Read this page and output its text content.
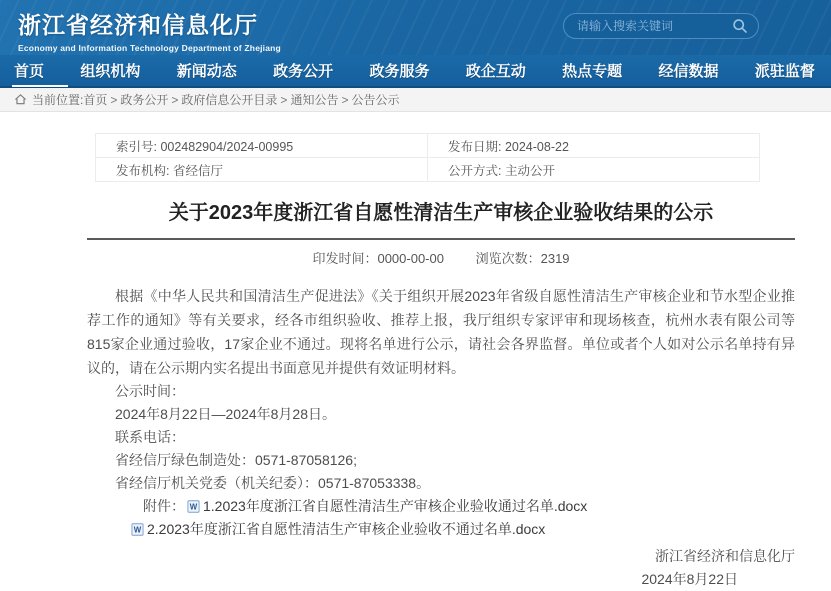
浙江省经济和信息化厅
Economy and Information Technology Department of Zhejiang
请输入搜索关键词
首页 组织机构 新闻动态 政务公开 政务服务 政企互动 热点专题 经信数据 派驻监督
当前位置: 首页 > 政务公开 > 政府信息公开目录 > 通知公告 > 公告公示
索引号: 002482904/2024-00995	发布日期: 2024-08-22
发布机构: 省经信厅	公开方式: 主动公开
关于2023年度浙江省自愿性清洁生产审核企业验收结果的公示
印发时间：0000-00-00 浏览次数：2319
根据《中华人民共和国清洁生产促进法》《关于组织开展2023年省级自愿性清洁生产审核企业和节水型企业推荐工作的通知》等有关要求，经各市组织验收、推荐上报，我厅组织专家评审和现场核查，杭州水表有限公司等815家企业通过验收，17家企业不通过。现将名单进行公示，请社会各界监督。单位或者个人如对公示名单持有异议的，请在公示期内实名提出书面意见并提供有效证明材料。
公示时间：
2024年8月22日—2024年8月28日。
联系电话：
省经信厅绿色制造处：0571-87058126;
省经信厅机关党委（机关纪委）：0571-87053338。
附件： W 1.2023年度浙江省自愿性清洁生产审核企业验收通过名单.docx
W 2.2023年度浙江省自愿性清洁生产审核企业验收不通过名单.docx
浙江省经济和信息化厅
2024年8月22日
